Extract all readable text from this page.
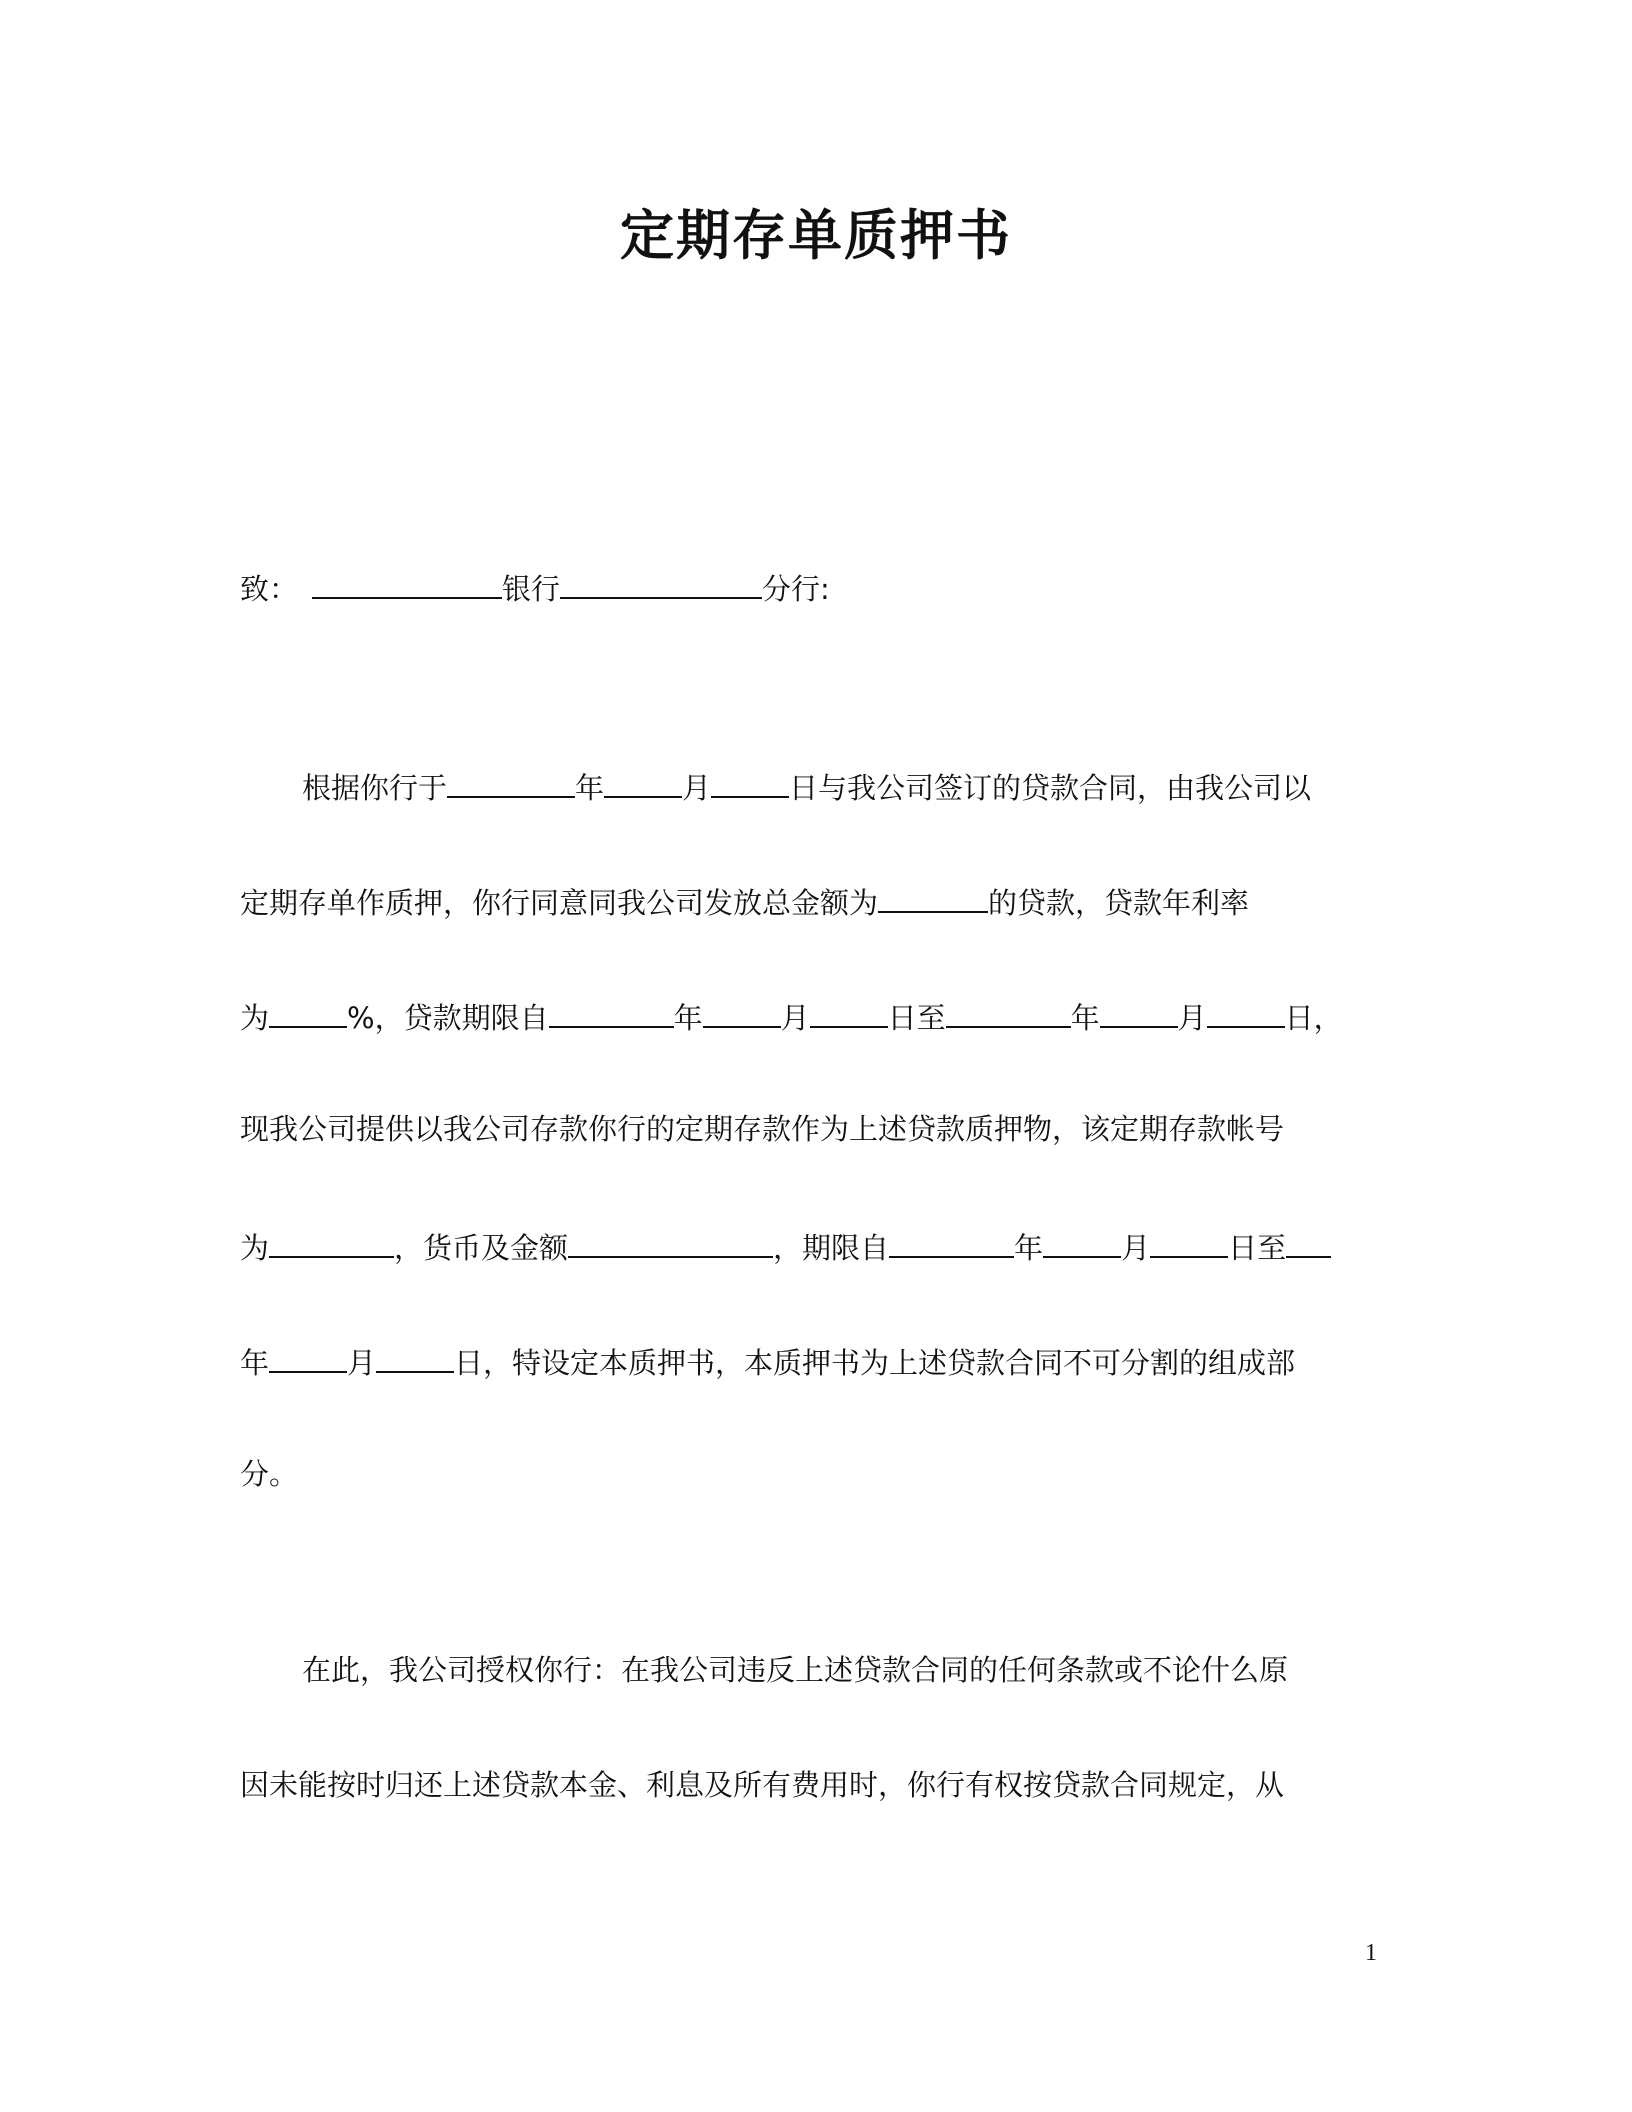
定期存单质押书
致：	银行	分行:
根据你行于	年	月	日与我公司签订的贷款合同，由我公司以
定期存单作质押，你行同意同我公司发放总金额为	的贷款，贷款年利率
为	%，贷款期限自	年	月	日至	年	月	日，
现我公司提供以我公司存款你行的定期存款作为上述贷款质押物，该定期存款帐号
为	，货币及金额	，期限自	年	月	日至
年	月	日，特设定本质押书，本质押书为上述贷款合同不可分割的组成部
分。
在此，我公司授权你行：在我公司违反上述贷款合同的任何条款或不论什么原
因未能按时归还上述贷款本金、利息及所有费用时，你行有权按贷款合同规定，从
1
